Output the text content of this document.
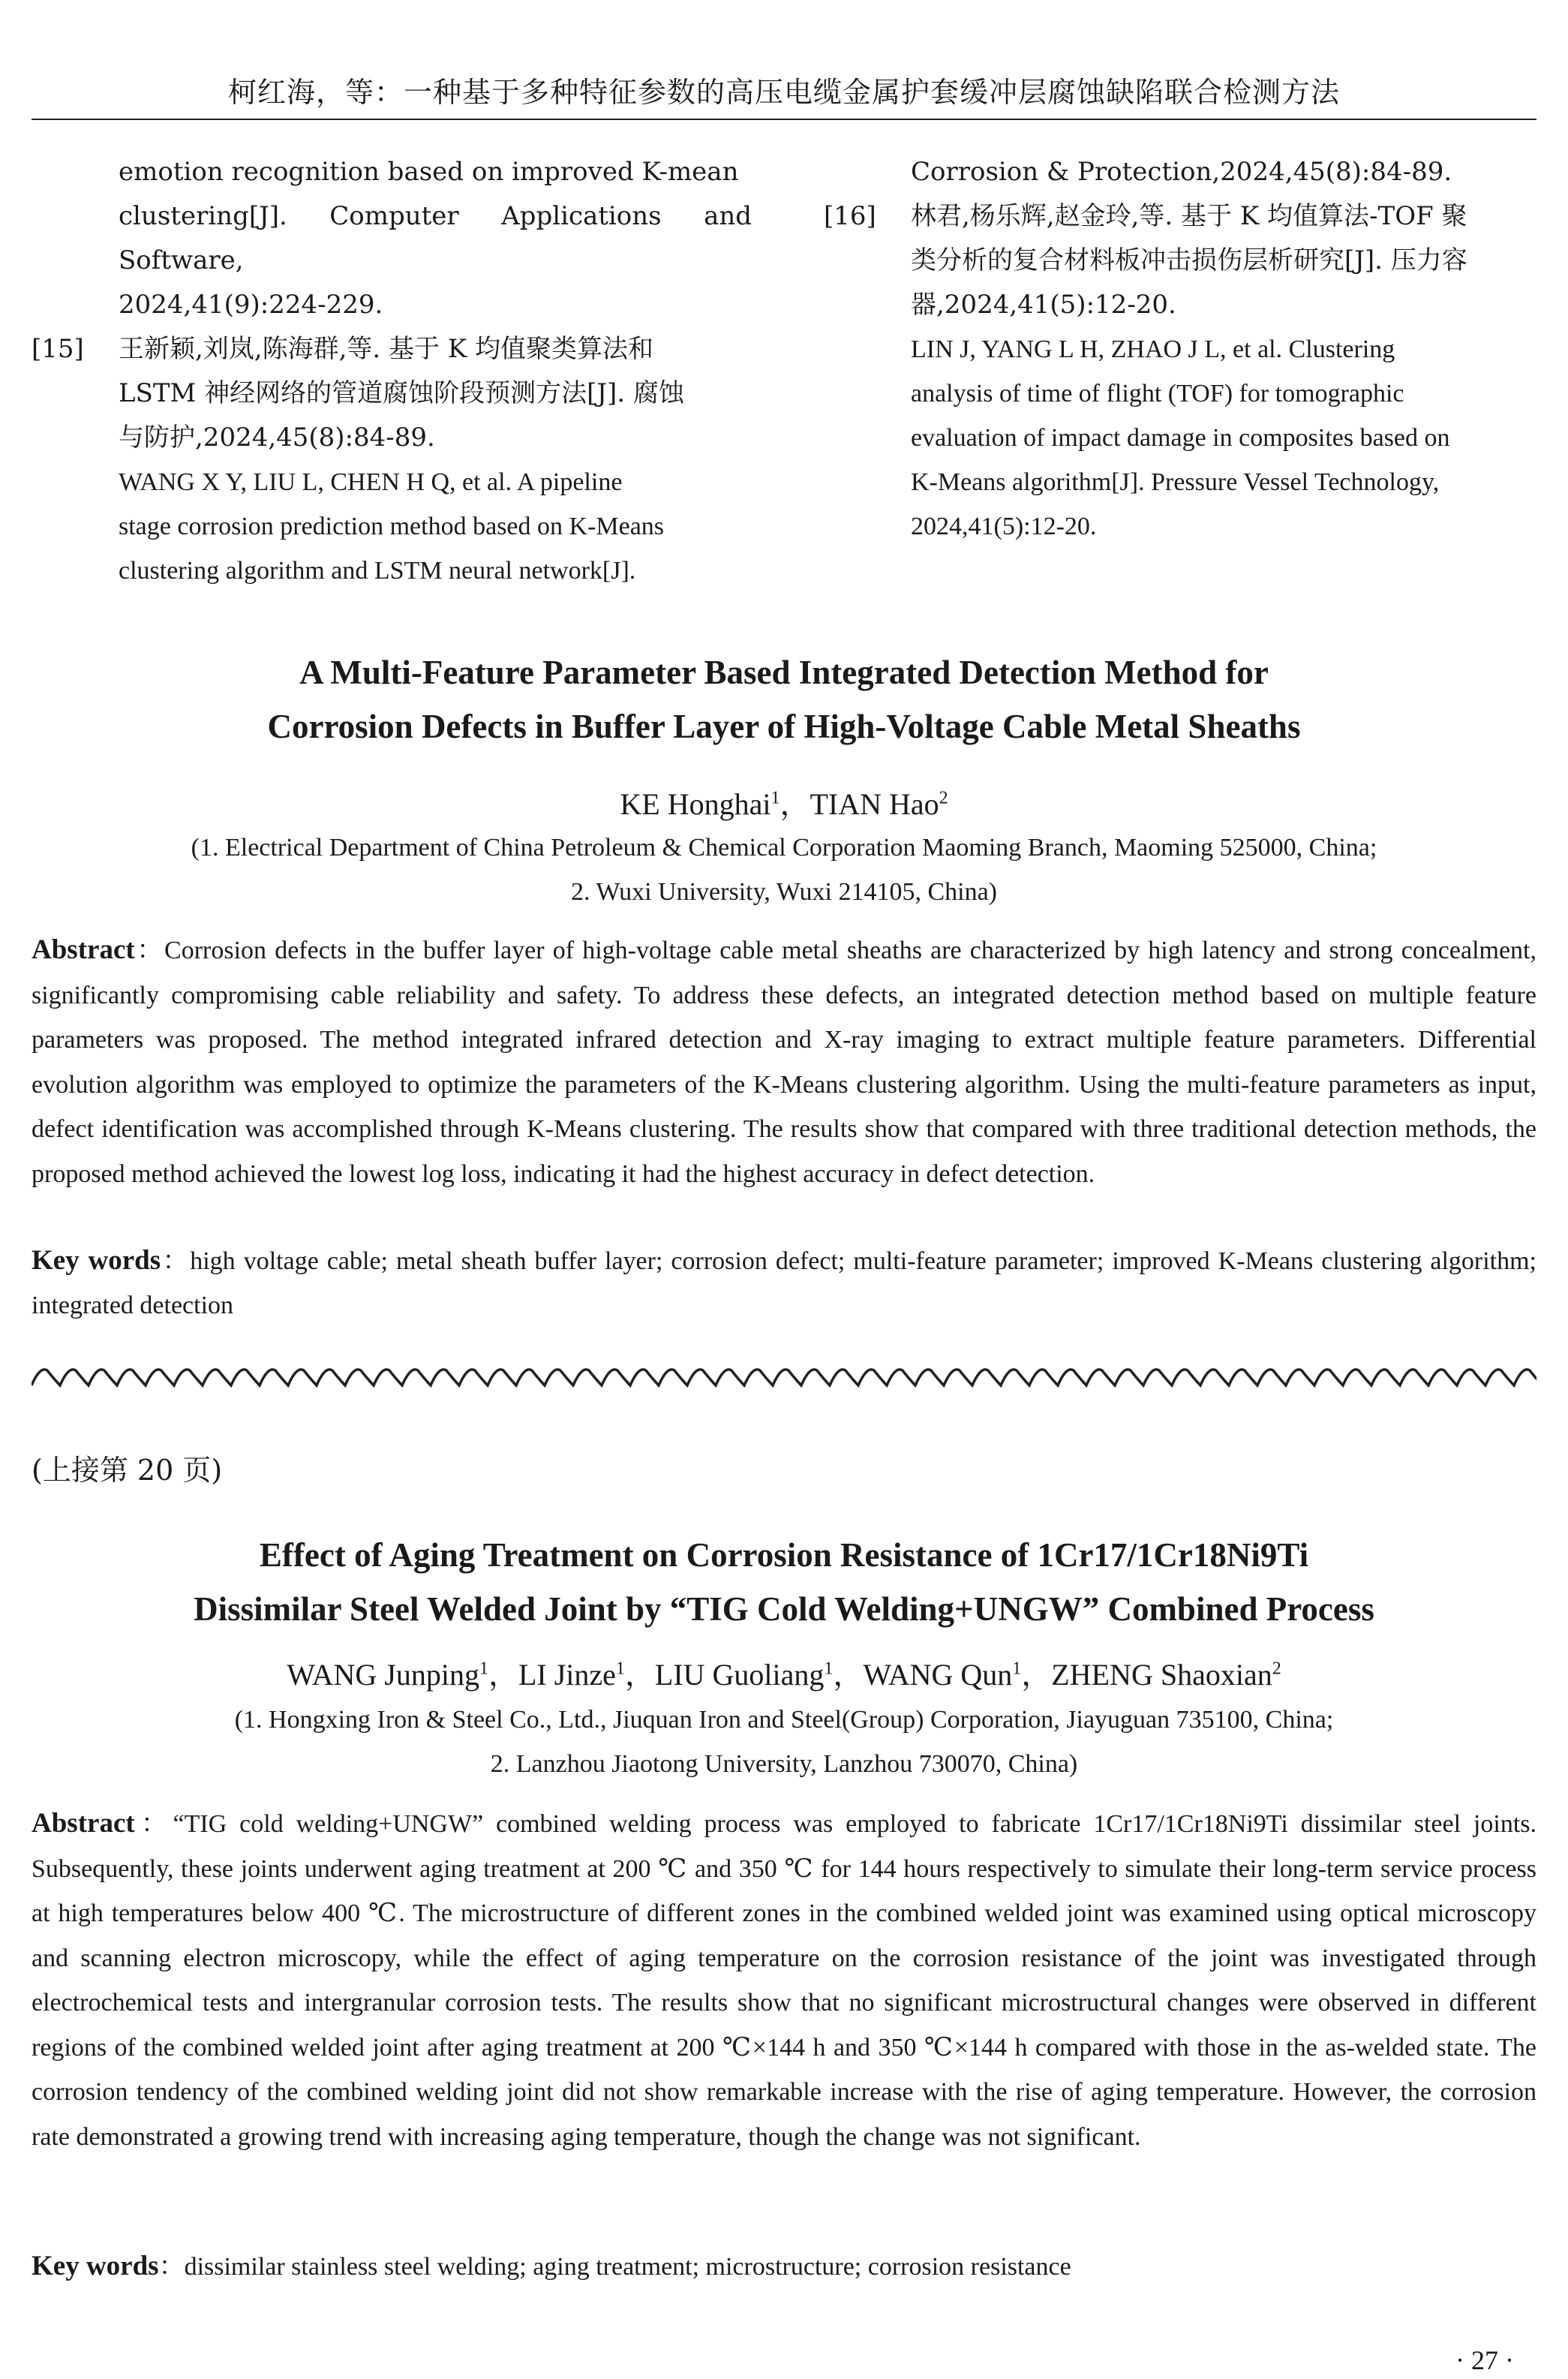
柯红海，等：一种基于多种特征参数的高压电缆金属护套缓冲层腐蚀缺陷联合检测方法
emotion recognition based on improved K-mean
clustering[J]. Computer Applications and Software,
2024,41(9):224-229.
[15] 王新颖,刘岚,陈海群,等. 基于 K 均值聚类算法和
LSTM 神经网络的管道腐蚀阶段预测方法[J]. 腐蚀
与防护,2024,45(8):84-89.
WANG X Y, LIU L, CHEN H Q, et al. A pipeline
stage corrosion prediction method based on K-Means
clustering algorithm and LSTM neural network[J].
Corrosion & Protection,2024,45(8):84-89.
[16] 林君,杨乐辉,赵金玲,等. 基于 K 均值算法-TOF 聚
类分析的复合材料板冲击损伤层析研究[J]. 压力容
器,2024,41(5):12-20.
LIN J, YANG L H, ZHAO J L, et al. Clustering
analysis of time of flight (TOF) for tomographic
evaluation of impact damage in composites based on
K-Means algorithm[J]. Pressure Vessel Technology,
2024,41(5):12-20.
A Multi-Feature Parameter Based Integrated Detection Method for
Corrosion Defects in Buffer Layer of High-Voltage Cable Metal Sheaths
KE Honghai$^1$，TIAN Hao$^2$
(1. Electrical Department of China Petroleum & Chemical Corporation Maoming Branch, Maoming 525000, China;
2. Wuxi University, Wuxi 214105, China)
Abstract：Corrosion defects in the buffer layer of high-voltage cable metal sheaths are characterized by high latency and strong concealment, significantly compromising cable reliability and safety. To address these defects, an integrated detection method based on multiple feature parameters was proposed. The method integrated infrared detection and X-ray imaging to extract multiple feature parameters. Differential evolution algorithm was employed to optimize the parameters of the K-Means clustering algorithm. Using the multi-feature parameters as input, defect identification was accomplished through K-Means clustering. The results show that compared with three traditional detection methods, the proposed method achieved the lowest log loss, indicating it had the highest accuracy in defect detection.
Key words：high voltage cable; metal sheath buffer layer; corrosion defect; multi-feature parameter; improved K-Means clustering algorithm; integrated detection
(上接第 20 页)
Effect of Aging Treatment on Corrosion Resistance of 1Cr17/1Cr18Ni9Ti
Dissimilar Steel Welded Joint by “TIG Cold Welding+UNGW” Combined Process
WANG Junping$^1$，LI Jinze$^1$，LIU Guoliang$^1$，WANG Qun$^1$，ZHENG Shaoxian$^2$
(1. Hongxing Iron & Steel Co., Ltd., Jiuquan Iron and Steel(Group) Corporation, Jiayuguan 735100, China;
2. Lanzhou Jiaotong University, Lanzhou 730070, China)
Abstract：“TIG cold welding+UNGW” combined welding process was employed to fabricate 1Cr17/1Cr18Ni9Ti dissimilar steel joints. Subsequently, these joints underwent aging treatment at 200 ℃ and 350 ℃ for 144 hours respectively to simulate their long-term service process at high temperatures below 400 ℃. The microstructure of different zones in the combined welded joint was examined using optical microscopy and scanning electron microscopy, while the effect of aging temperature on the corrosion resistance of the joint was investigated through electrochemical tests and intergranular corrosion tests. The results show that no significant microstructural changes were observed in different regions of the combined welded joint after aging treatment at 200 ℃×144 h and 350 ℃×144 h compared with those in the as-welded state. The corrosion tendency of the combined welding joint did not show remarkable increase with the rise of aging temperature. However, the corrosion rate demonstrated a growing trend with increasing aging temperature, though the change was not significant.
Key words：dissimilar stainless steel welding; aging treatment; microstructure; corrosion resistance
· 27 ·
